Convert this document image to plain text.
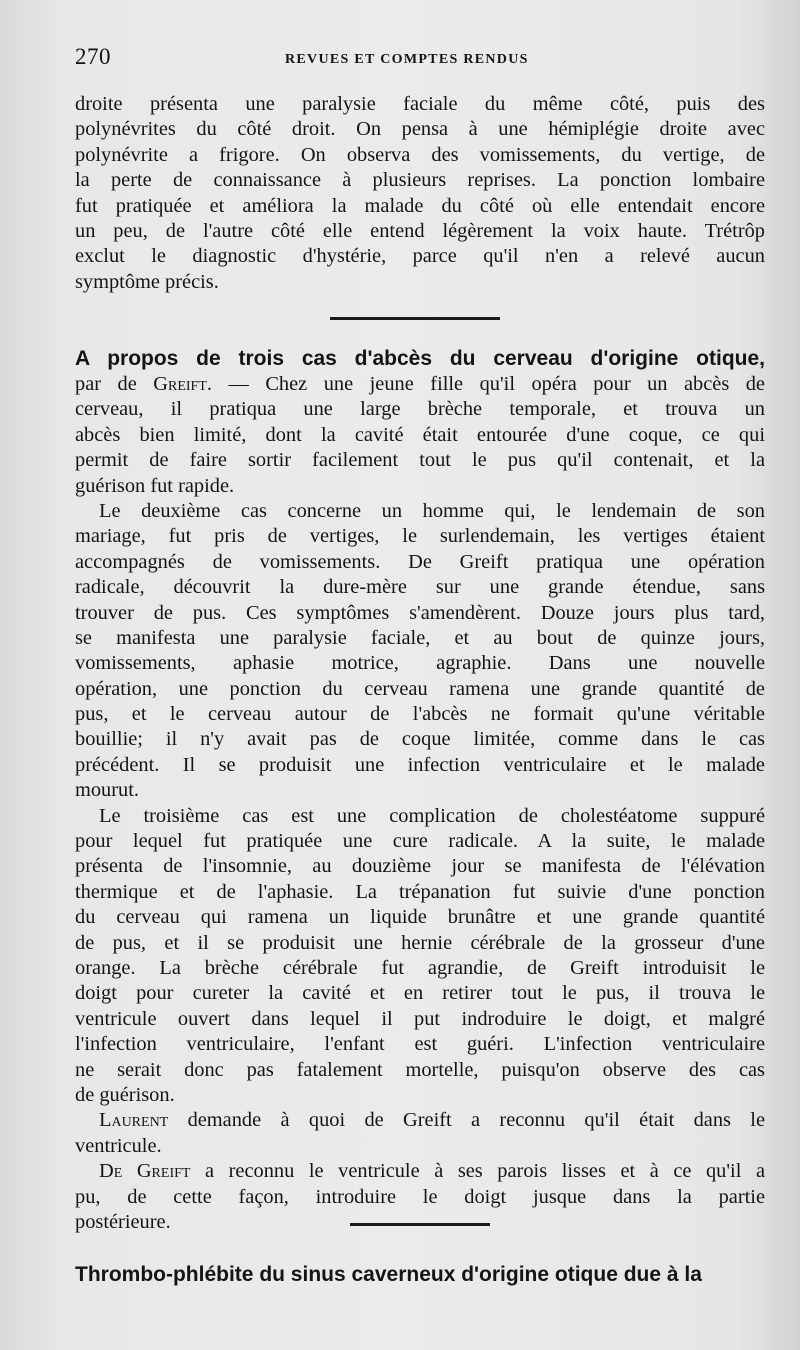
270	REVUES ET COMPTES RENDUS
droite présenta une paralysie faciale du même côté, puis des
polynévrites du côté droit. On pensa à une hémiplégie droite avec
polynévrite a frigore. On observa des vomissements, du vertige, de
la perte de connaissance à plusieurs reprises. La ponction lombaire
fut pratiquée et améliora la malade du côté où elle entendait encore
un peu, de l'autre côté elle entend légèrement la voix haute. Trétrôp
exclut le diagnostic d'hystérie, parce qu'il n'en a relevé aucun
symptôme précis.
A propos de trois cas d'abcès du cerveau d'origine otique,
par de Greift. — Chez une jeune fille qu'il opéra pour un abcès de
cerveau, il pratiqua une large brèche temporale, et trouva un
abcès bien limité, dont la cavité était entourée d'une coque, ce qui
permit de faire sortir facilement tout le pus qu'il contenait, et la
guérison fut rapide.
Le deuxième cas concerne un homme qui, le lendemain de son
mariage, fut pris de vertiges, le surlendemain, les vertiges étaient
accompagnés de vomissements. De Greift pratiqua une opération
radicale, découvrit la dure-mère sur une grande étendue, sans
trouver de pus. Ces symptômes s'amendèrent. Douze jours plus tard,
se manifesta une paralysie faciale, et au bout de quinze jours,
vomissements, aphasie motrice, agraphie. Dans une nouvelle
opération, une ponction du cerveau ramena une grande quantité de
pus, et le cerveau autour de l'abcès ne formait qu'une véritable
bouillie; il n'y avait pas de coque limitée, comme dans le cas
précédent. Il se produisit une infection ventriculaire et le malade
mourut.
Le troisième cas est une complication de cholestéatome suppuré
pour lequel fut pratiquée une cure radicale. A la suite, le malade
présenta de l'insomnie, au douzième jour se manifesta de l'élévation
thermique et de l'aphasie. La trépanation fut suivie d'une ponction
du cerveau qui ramena un liquide brunâtre et une grande quantité
de pus, et il se produisit une hernie cérébrale de la grosseur d'une
orange. La brèche cérébrale fut agrandie, de Greift introduisit le
doigt pour cureter la cavité et en retirer tout le pus, il trouva le
ventricule ouvert dans lequel il put indroduire le doigt, et malgré
l'infection ventriculaire, l'enfant est guéri. L'infection ventriculaire
ne serait donc pas fatalement mortelle, puisqu'on observe des cas
de guérison.
Laurent demande à quoi de Greift a reconnu qu'il était dans le
ventricule.
De Greift a reconnu le ventricule à ses parois lisses et à ce qu'il a
pu, de cette façon, introduire le doigt jusque dans la partie
postérieure.
Thrombo-phlébite du sinus caverneux d'origine otique due à la
